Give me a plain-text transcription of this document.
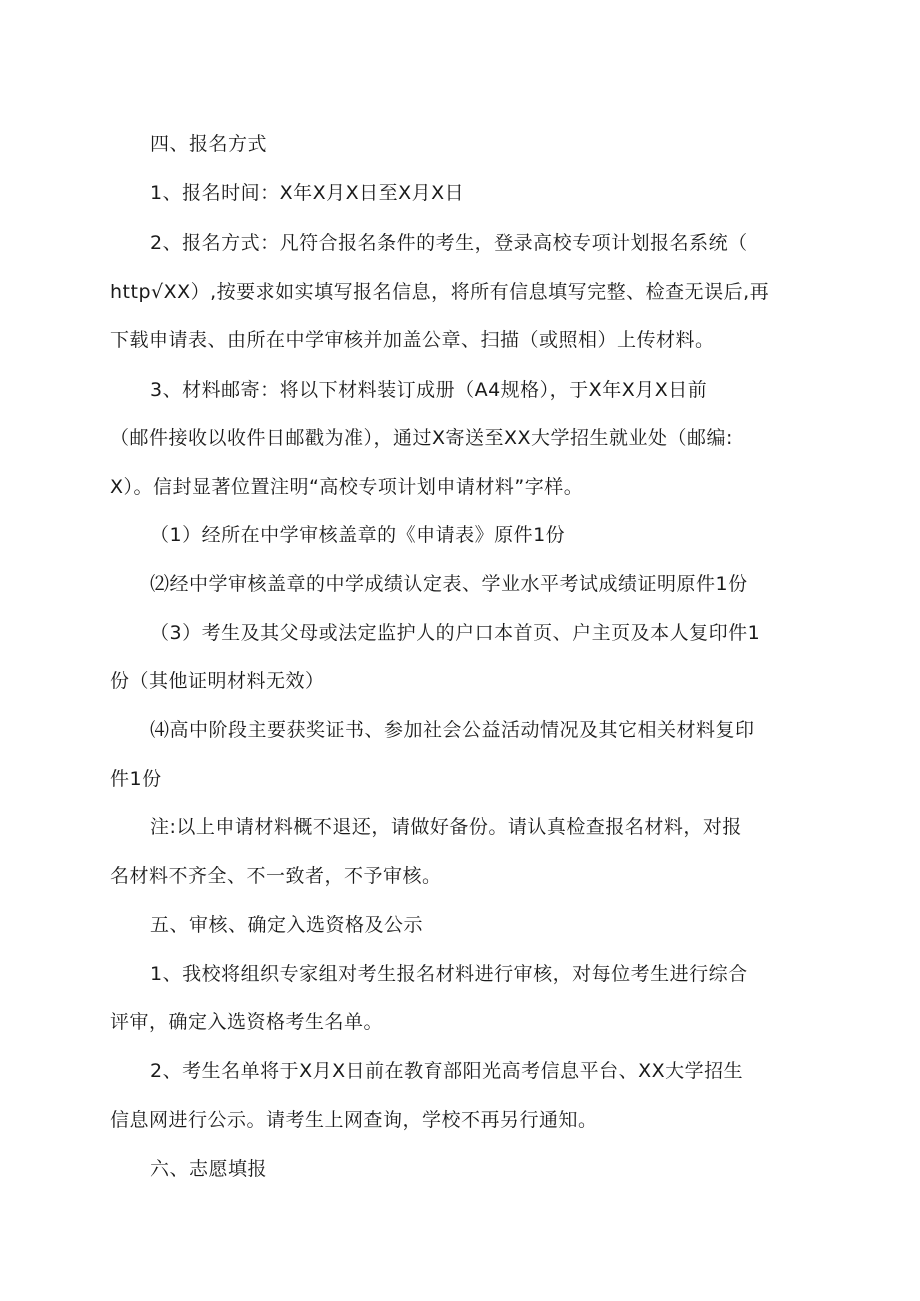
四、报名方式
1、报名时间：X年X月X日至X月X日
2、报名方式：凡符合报名条件的考生，登录高校专项计划报名系统（
http√XX）,按要求如实填写报名信息，将所有信息填写完整、检查无误后,再
下载申请表、由所在中学审核并加盖公章、扫描（或照相）上传材料。
3、材料邮寄：将以下材料装订成册（A4规格），于X年X月X日前
（邮件接收以收件日邮戳为准），通过X寄送至XX大学招生就业处（邮编:
X）。信封显著位置注明“高校专项计划申请材料”字样。
（1）经所在中学审核盖章的《申请表》原件1份
⑵经中学审核盖章的中学成绩认定表、学业水平考试成绩证明原件1份
（3）考生及其父母或法定监护人的户口本首页、户主页及本人复印件1
份（其他证明材料无效）
⑷高中阶段主要获奖证书、参加社会公益活动情况及其它相关材料复印
件1份
注:以上申请材料概不退还，请做好备份。请认真检查报名材料，对报
名材料不齐全、不一致者，不予审核。
五、审核、确定入选资格及公示
1、我校将组织专家组对考生报名材料进行审核，对每位考生进行综合
评审，确定入选资格考生名单。
2、考生名单将于X月X日前在教育部阳光高考信息平台、XX大学招生
信息网进行公示。请考生上网查询，学校不再另行通知。
六、志愿填报
